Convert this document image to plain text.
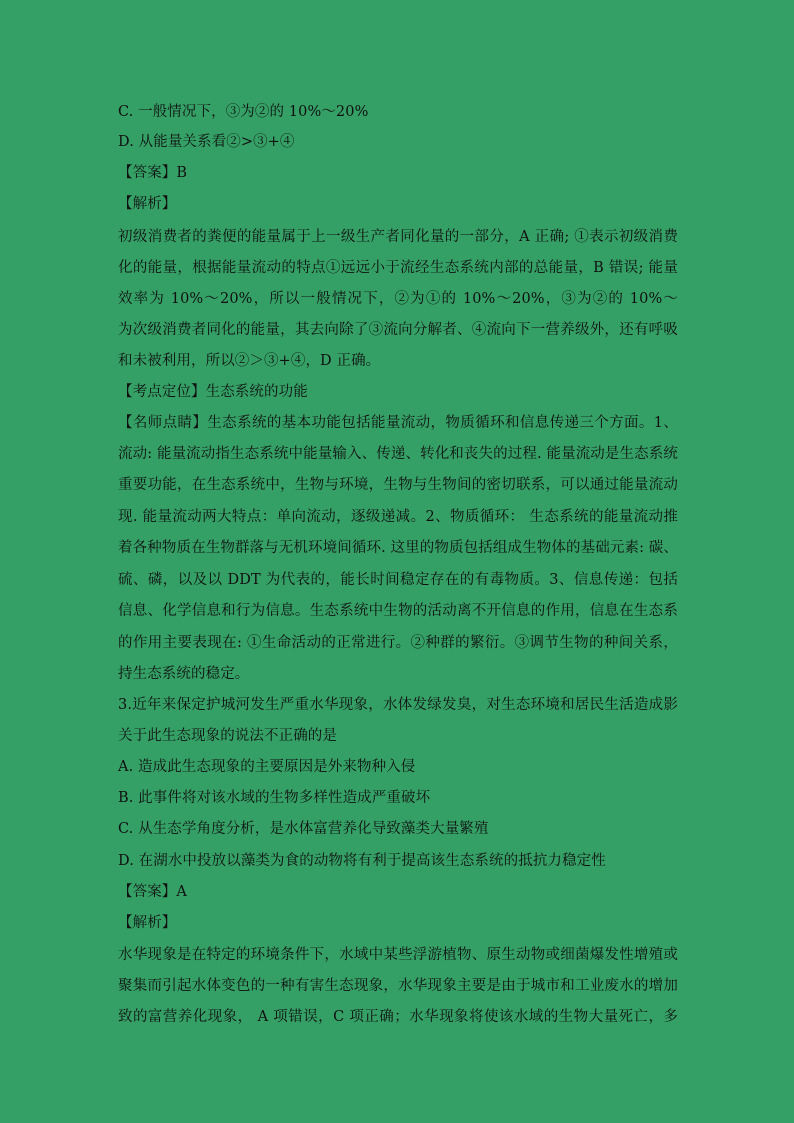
C. 一般情况下，③为②的 10%～20%
D. 从能量关系看②>③+④
【答案】B
【解析】
初级消费者的粪便的能量属于上一级生产者同化量的一部分，A 正确; ①表示初级消费
化的能量，根据能量流动的特点①远远小于流经生态系统内部的总能量，B 错误; 能量
效率为 10%～20%，所以一般情况下，②为①的 10%～20%，③为②的 10%～
为次级消费者同化的能量，其去向除了③流向分解者、④流向下一营养级外，还有呼吸
和未被利用，所以②＞③+④，D 正确。
【考点定位】生态系统的功能
【名师点睛】生态系统的基本功能包括能量流动，物质循环和信息传递三个方面。1、
流动: 能量流动指生态系统中能量输入、传递、转化和丧失的过程. 能量流动是生态系统
重要功能，在生态系统中，生物与环境，生物与生物间的密切联系，可以通过能量流动
现. 能量流动两大特点：单向流动，逐级递减。2、物质循环： 生态系统的能量流动推
着各种物质在生物群落与无机环境间循环. 这里的物质包括组成生物体的基础元素: 碳、
硫、磷，以及以 DDT 为代表的，能长时间稳定存在的有毒物质。3、信息传递：包括
信息、化学信息和行为信息。生态系统中生物的活动离不开信息的作用，信息在生态系
的作用主要表现在: ①生命活动的正常进行。②种群的繁衍。③调节生物的种间关系，
持生态系统的稳定。
3.近年来保定护城河发生严重水华现象，水体发绿发臭，对生态环境和居民生活造成影
关于此生态现象的说法不正确的是
A. 造成此生态现象的主要原因是外来物种入侵
B. 此事件将对该水域的生物多样性造成严重破坏
C. 从生态学角度分析，是水体富营养化导致藻类大量繁殖
D. 在湖水中投放以藻类为食的动物将有利于提高该生态系统的抵抗力稳定性
【答案】A
【解析】
水华现象是在特定的环境条件下，水域中某些浮游植物、原生动物或细菌爆发性增殖或
聚集而引起水体变色的一种有害生态现象，水华现象主要是由于城市和工业废水的增加
致的富营养化现象， A 项错误，C 项正确；水华现象将使该水域的生物大量死亡，多
